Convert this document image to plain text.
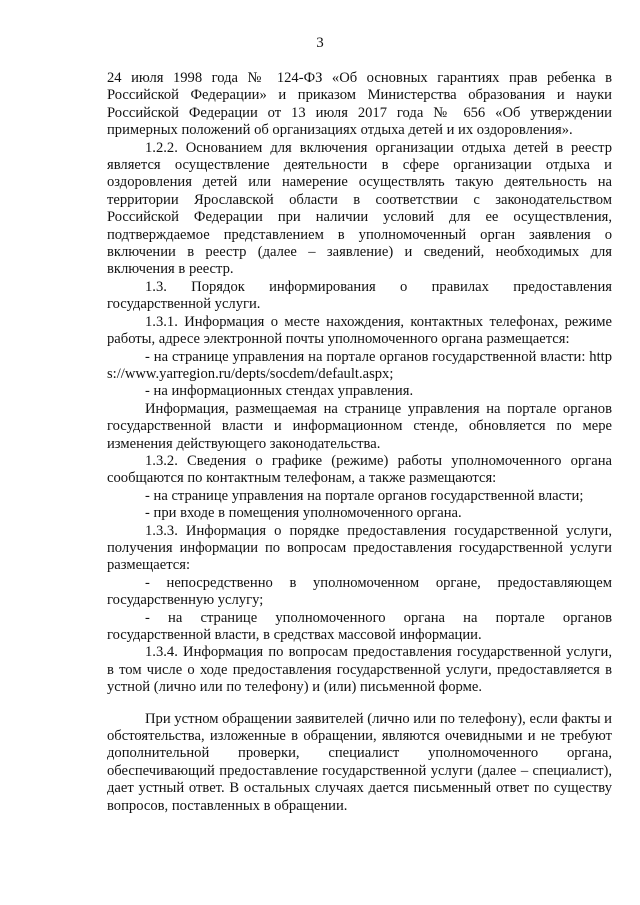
3

24 июля 1998 года № 124-ФЗ «Об основных гарантиях прав ребенка в Российской Федерации» и приказом Министерства образования и науки Российской Федерации от 13 июля 2017 года № 656 «Об утверждении примерных положений об организациях отдыха детей и их оздоровления».

1.2.2. Основанием для включения организации отдыха детей в реестр является осуществление деятельности в сфере организации отдыха и оздоровления детей или намерение осуществлять такую деятельность на территории Ярославской области в соответствии с законодательством Российской Федерации при наличии условий для ее осуществления, подтверждаемое представлением в уполномоченный орган заявления о включении в реестр (далее – заявление) и сведений, необходимых для включения в реестр.

1.3. Порядок информирования о правилах предоставления государственной услуги.

1.3.1. Информация о месте нахождения, контактных телефонах, режиме работы, адресе электронной почты уполномоченного органа размещается:

- на странице управления на портале органов государственной власти: https://www.yarregion.ru/depts/socdem/default.aspx;

- на информационных стендах управления.

Информация, размещаемая на странице управления на портале органов государственной власти и информационном стенде, обновляется по мере изменения действующего законодательства.

1.3.2. Сведения о графике (режиме) работы уполномоченного органа сообщаются по контактным телефонам, а также размещаются:

- на странице управления на портале органов государственной власти;

- при входе в помещения уполномоченного органа.

1.3.3. Информация о порядке предоставления государственной услуги, получения информации по вопросам предоставления государственной услуги размещается:

- непосредственно в уполномоченном органе, предоставляющем государственную услугу;

- на странице уполномоченного органа на портале органов государственной власти, в средствах массовой информации.

1.3.4. Информация по вопросам предоставления государственной услуги, в том числе о ходе предоставления государственной услуги, предоставляется в устной (лично или по телефону) и (или) письменной форме.

При устном обращении заявителей (лично или по телефону), если факты и обстоятельства, изложенные в обращении, являются очевидными и не требуют дополнительной проверки, специалист уполномоченного органа, обеспечивающий предоставление государственной услуги (далее – специалист), дает устный ответ. В остальных случаях дается письменный ответ по существу вопросов, поставленных в обращении.
